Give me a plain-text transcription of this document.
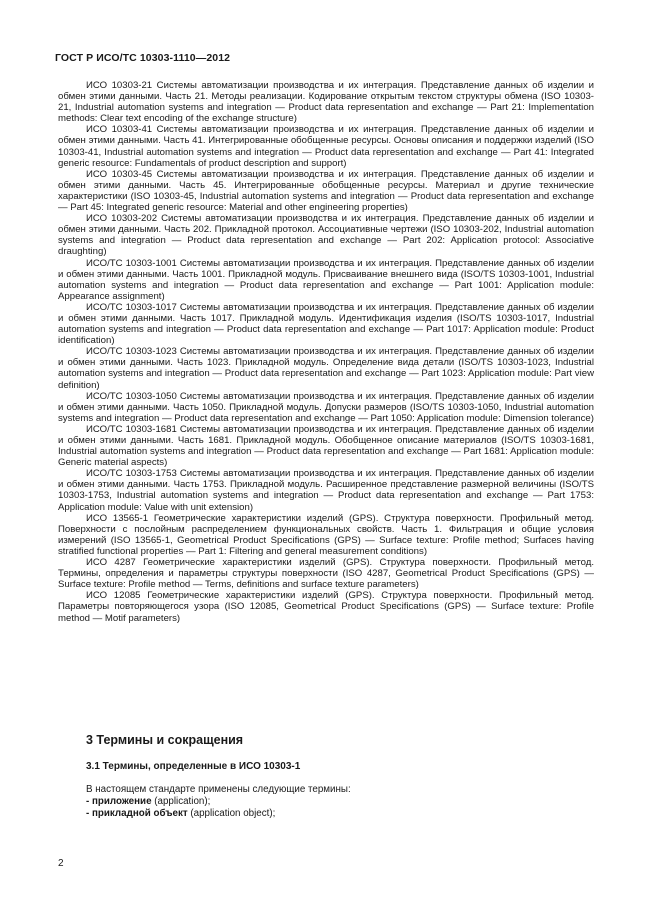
ГОСТ Р ИСО/ТС 10303-1110—2012

ИСО 10303-21 Системы автоматизации производства и их интеграция. Представление данных об изделии и обмен этими данными. Часть 21. Методы реализации. Кодирование открытым текстом структуры обмена (ISO 10303-21, Industrial automation systems and integration — Product data representation and exchange — Part 21: Implementation methods: Clear text encoding of the exchange structure)

ИСО 10303-41 Системы автоматизации производства и их интеграция. Представление данных об изделии и обмен этими данными. Часть 41. Интегрированные обобщенные ресурсы. Основы описания и поддержки изделий (ISO 10303-41, Industrial automation systems and integration — Product data representation and exchange — Part 41: Integrated generic resource: Fundamentals of product description and support)

ИСО 10303-45 Системы автоматизации производства и их интеграция. Представление данных об изделии и обмен этими данными. Часть 45. Интегрированные обобщенные ресурсы. Материал и другие технические характеристики (ISO 10303-45, Industrial automation systems and integration — Product data representation and exchange — Part 45: Integrated generic resource: Material and other engineering properties)

ИСО 10303-202 Системы автоматизации производства и их интеграция. Представление данных об изделии и обмен этими данными. Часть 202. Прикладной протокол. Ассоциативные чертежи (ISO 10303-202, Industrial automation systems and integration — Product data representation and exchange — Part 202: Application protocol: Associative draughting)

ИСО/ТС 10303-1001 Системы автоматизации производства и их интеграция. Представление данных об изделии и обмен этими данными. Часть 1001. Прикладной модуль. Присваивание внешнего вида (ISO/TS 10303-1001, Industrial automation systems and integration — Product data representation and exchange — Part 1001: Application module: Appearance assignment)

ИСО/ТС 10303-1017 Системы автоматизации производства и их интеграция. Представление данных об изделии и обмен этими данными. Часть 1017. Прикладной модуль. Идентификация изделия (ISO/TS 10303-1017, Industrial automation systems and integration — Product data representation and exchange — Part 1017: Application module: Product identification)

ИСО/ТС 10303-1023 Системы автоматизации производства и их интеграция. Представление данных об изделии и обмен этими данными. Часть 1023. Прикладной модуль. Определение вида детали (ISO/TS 10303-1023, Industrial automation systems and integration — Product data representation and exchange — Part 1023: Application module: Part view definition)

ИСО/ТС 10303-1050 Системы автоматизации производства и их интеграция. Представление данных об изделии и обмен этими данными. Часть 1050. Прикладной модуль. Допуски размеров (ISO/TS 10303-1050, Industrial automation systems and integration — Product data representation and exchange — Part 1050: Application module: Dimension tolerance)

ИСО/ТС 10303-1681 Системы автоматизации производства и их интеграция. Представление данных об изделии и обмен этими данными. Часть 1681. Прикладной модуль. Обобщенное описание материалов (ISO/TS 10303-1681, Industrial automation systems and integration — Product data representation and exchange — Part 1681: Application module: Generic material aspects)

ИСО/ТС 10303-1753 Системы автоматизации производства и их интеграция. Представление данных об изделии и обмен этими данными. Часть 1753. Прикладной модуль. Расширенное представление размерной величины (ISO/TS 10303-1753, Industrial automation systems and integration — Product data representation and exchange — Part 1753: Application module: Value with unit extension)

ИСО 13565-1 Геометрические характеристики изделий (GPS). Структура поверхности. Профильный метод. Поверхности с послойным распределением функциональных свойств. Часть 1. Фильтрация и общие условия измерений (ISO 13565-1, Geometrical Product Specifications (GPS) — Surface texture: Profile method; Surfaces having stratified functional properties — Part 1: Filtering and general measurement conditions)

ИСО 4287 Геометрические характеристики изделий (GPS). Структура поверхности. Профильный метод. Термины, определения и параметры структуры поверхности (ISO 4287, Geometrical Product Specifications (GPS) — Surface texture: Profile method — Terms, definitions and surface texture parameters)

ИСО 12085 Геометрические характеристики изделий (GPS). Структура поверхности. Профильный метод. Параметры повторяющегося узора (ISO 12085, Geometrical Product Specifications (GPS) — Surface texture: Profile method — Motif parameters)

3 Термины и сокращения
3.1 Термины, определенные в ИСО 10303-1

В настоящем стандарте применены следующие термины:

- приложение (application);

- прикладной объект (application object);

2
